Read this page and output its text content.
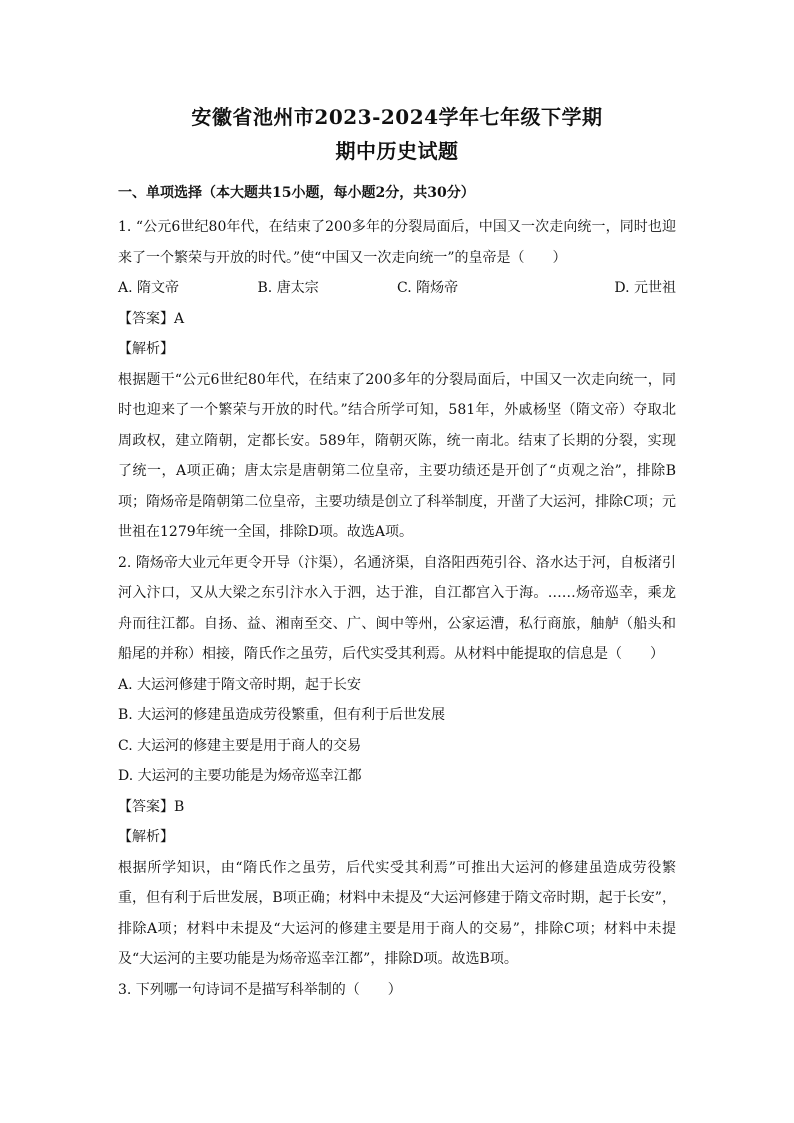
安徽省池州市2023-2024学年七年级下学期
期中历史试题
一、单项选择（本大题共15小题，每小题2分，共30分）
1. “公元6世纪80年代，在结束了200多年的分裂局面后，中国又一次走向统一，同时也迎来了一个繁荣与开放的时代。”使“中国又一次走向统一”的皇帝是（　　）
A. 隋文帝	B. 唐太宗	C. 隋炀帝	D. 元世祖
【答案】A
【解析】
根据题干“公元6世纪80年代，在结束了200多年的分裂局面后，中国又一次走向统一，同时也迎来了一个繁荣与开放的时代。”结合所学可知，581年，外戚杨坚（隋文帝）夺取北周政权，建立隋朝，定都长安。589年，隋朝灭陈，统一南北。结束了长期的分裂，实现了统一，A项正确；唐太宗是唐朝第二位皇帝，主要功绩还是开创了“贞观之治”，排除B项；隋炀帝是隋朝第二位皇帝，主要功绩是创立了科举制度，开凿了大运河，排除C项；元世祖在1279年统一全国，排除D项。故选A项。
2. 隋炀帝大业元年更令开导（汴渠），名通济渠，自洛阳西苑引谷、洛水达于河，自板渚引河入汴口，又从大梁之东引汴水入于泗，达于淮，自江都宫入于海。……炀帝巡幸，乘龙舟而往江都。自扬、益、湘南至交、广、闽中等州，公家运漕，私行商旅，舳舻（船头和船尾的并称）相接，隋氏作之虽劳，后代实受其利焉。从材料中能提取的信息是（　　）
A. 大运河修建于隋文帝时期，起于长安
B. 大运河的修建虽造成劳役繁重，但有利于后世发展
C. 大运河的修建主要是用于商人的交易
D. 大运河的主要功能是为炀帝巡幸江都
【答案】B
【解析】
根据所学知识，由“隋氏作之虽劳，后代实受其利焉”可推出大运河的修建虽造成劳役繁重，但有利于后世发展，B项正确；材料中未提及“大运河修建于隋文帝时期，起于长安”，排除A项；材料中未提及“大运河的修建主要是用于商人的交易”，排除C项；材料中未提及“大运河的主要功能是为炀帝巡幸江都”，排除D项。故选B项。
3. 下列哪一句诗词不是描写科举制的（　　）
